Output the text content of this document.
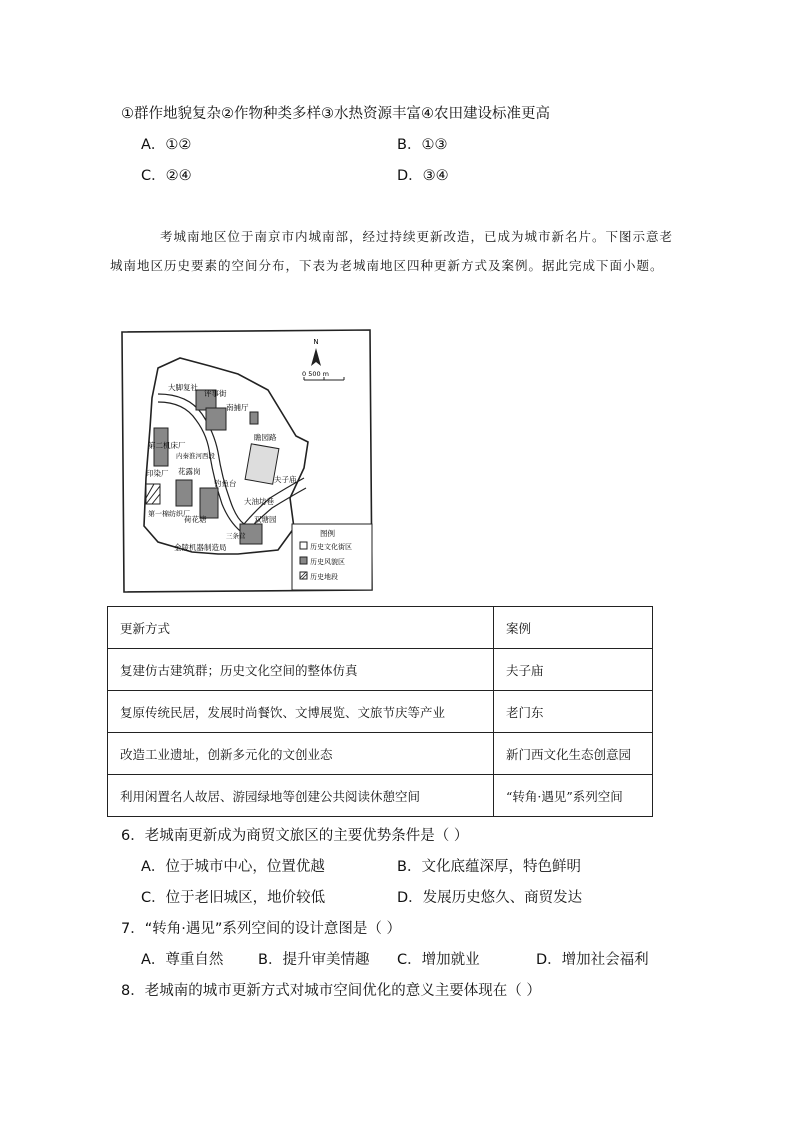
①群作地貌复杂②作物种类多样③水热资源丰富④农田建设标准更高
A．①②	B．①③
C．②④	D．③④
考城南地区位于南京市内城南部，经过持续更新改造，已成为城市新名片。下图示意老城南地区历史要素的空间分布，下表为老城南地区四种更新方式及案例。据此完成下面小题。
N
0 500 m
大脚复社
评事街
南捕厅
第二机床厂
内秦淮河西段
瞻园路
夫子庙
印染厂 花露岗
钓鱼台
大油坊巷
第一棉纺织厂
荷花塘	双塘园
三条营
金陵机器制造局
图例
历史文化街区
历史风貌区
历史地段
更新方式	案例
复建仿古建筑群；历史文化空间的整体仿真	夫子庙
复原传统民居，发展时尚餐饮、文博展览、文旅节庆等产业	老门东
改造工业遗址，创新多元化的文创业态	新门西文化生态创意园
利用闲置名人故居、游园绿地等创建公共阅读休憩空间	“转角·遇见”系列空间
6．老城南更新成为商贸文旅区的主要优势条件是（ ）
A．位于城市中心，位置优越	B．文化底蕴深厚，特色鲜明
C．位于老旧城区，地价较低	D．发展历史悠久、商贸发达
7．“转角·遇见”系列空间的设计意图是（ ）
A．尊重自然 B．提升审美情趣 C．增加就业	D．增加社会福利
8．老城南的城市更新方式对城市空间优化的意义主要体现在（ ）
